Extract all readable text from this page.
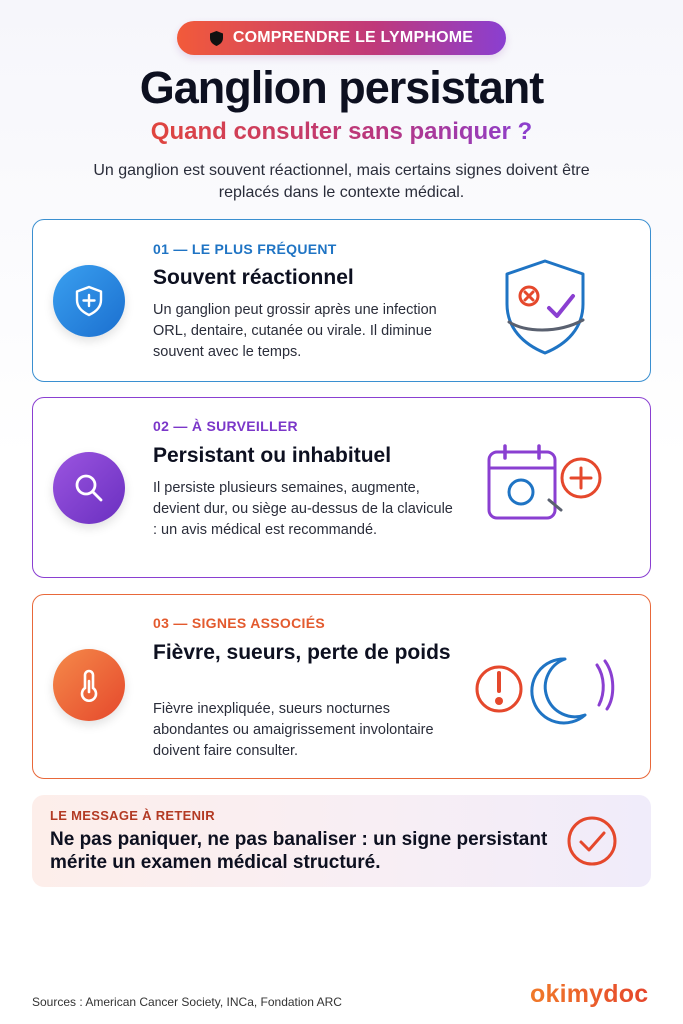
COMPRENDRE LE LYMPHOME
Ganglion persistant
Quand consulter sans paniquer ?
Un ganglion est souvent réactionnel, mais certains signes doivent être replacés dans le contexte médical.
01 — LE PLUS FRÉQUENT
Souvent réactionnel
Un ganglion peut grossir après une infection ORL, dentaire, cutanée ou virale. Il diminue souvent avec le temps.
02 — À SURVEILLER
Persistant ou inhabituel
Il persiste plusieurs semaines, augmente, devient dur, ou siège au-dessus de la clavicule : un avis médical est recommandé.
03 — SIGNES ASSOCIÉS
Fièvre, sueurs, perte de poids
Fièvre inexpliquée, sueurs nocturnes abondantes ou amaigrissement involontaire doivent faire consulter.
LE MESSAGE À RETENIR
Ne pas paniquer, ne pas banaliser : un signe persistant mérite un examen médical structuré.
Sources : American Cancer Society, INCa, Fondation ARC	okimydoc
